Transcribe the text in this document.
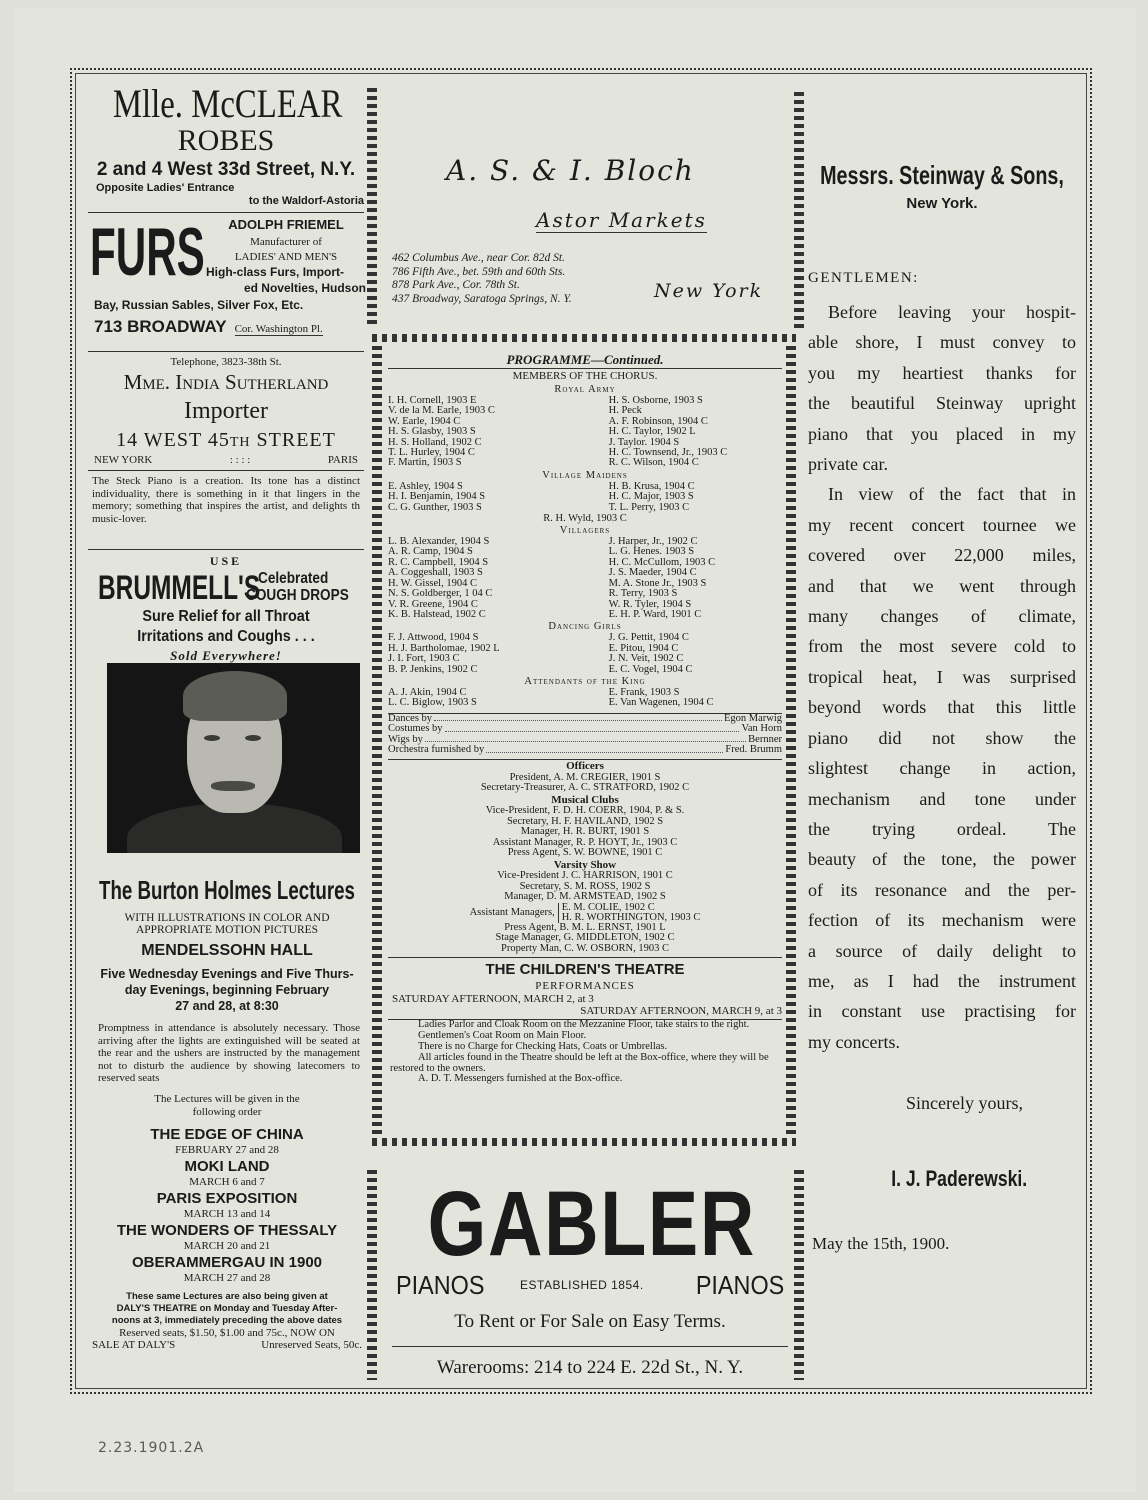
Mlle. McCLEAR
ROBES
2 and 4 West 33d Street, N.Y.
Opposite Ladies' Entrance
to the Waldorf-Astoria
FURS	ADOLPH FRIEMEL
Manufacturer of
LADIES' AND MEN'S
High-class Furs, Import-
ed Novelties, Hudson
Bay, Russian Sables, Silver Fox, Etc.
713 BROADWAY Cor. Washington Pl.
Telephone, 3823-38th St.
Mme. India Sutherland
Importer
14 WEST 45th STREET
NEW YORK	: : : :	PARIS
The Steck Piano is a creation. Its tone has a distinct individuality, there is something in it that lingers in the memory; something that inspires the artist, and delights th music-lover.
USE
BRUMMELL'S
Celebrated
COUGH DROPS
Sure Relief for all Throat
Irritations and Coughs . . .
Sold Everywhere!
The Burton Holmes Lectures
WITH ILLUSTRATIONS IN COLOR AND
APPROPRIATE MOTION PICTURES
MENDELSSOHN HALL
Five Wednesday Evenings and Five Thurs-
day Evenings, beginning February
27 and 28, at 8:30
Promptness in attendance is absolutely necessary. Those arriving after the lights are extinguished will be seated at the rear and the ushers are instructed by the management not to disturb the audience by showing latecomers to reserved seats
The Lectures will be given in the
following order
THE EDGE OF CHINA
FEBRUARY 27 and 28
MOKI LAND
MARCH 6 and 7
PARIS EXPOSITION
MARCH 13 and 14
THE WONDERS OF THESSALY
MARCH 20 and 21
OBERAMMERGAU IN 1900
MARCH 27 and 28
These same Lectures are also being given at
DALY'S THEATRE on Monday and Tuesday After-
noons at 3, immediately preceding the above dates
Reserved seats, $1.50, $1.00 and 75c., NOW ON
SALE AT DALY'S	Unreserved Seats, 50c.
A. S. & I. Bloch
Astor Markets
462 Columbus Ave., near Cor. 82d St.
786 Fifth Ave., bet. 59th and 60th Sts.
878 Park Ave., Cor. 78th St.
437 Broadway, Saratoga Springs, N. Y.	New York
PROGRAMME—Continued.
MEMBERS OF THE CHORUS.
Royal Army
I. H. Cornell, 1903 E	H. S. Osborne, 1903 S
V. de la M. Earle, 1903 C	H. Peck
W. Earle, 1904 C	A. F. Robinson, 1904 C
H. S. Glasby, 1903 S	H. C. Taylor, 1902 L
H. S. Holland, 1902 C	J. Taylor. 1904 S
T. L. Hurley, 1904 C	H. C. Townsend, Jr., 1903 C
F. Martin, 1903 S	R. C. Wilson, 1904 C
Village Maidens
E. Ashley, 1904 S	H. B. Krusa, 1904 C
H. I. Benjamin, 1904 S	H. C. Major, 1903 S
C. G. Gunther, 1903 S	T. L. Perry, 1903 C
R. H. Wyld, 1903 C
Villagers
L. B. Alexander, 1904 S	J. Harper, Jr., 1902 C
A. R. Camp, 1904 S	L. G. Henes. 1903 S
R. C. Campbell, 1904 S	H. C. McCullom, 1903 C
A. Coggeshall, 1903 S	J. S. Maeder, 1904 C
H. W. Gissel, 1904 C	M. A. Stone Jr., 1903 S
N. S. Goldberger, 1 04 C	R. Terry, 1903 S
V. R. Greene, 1904 C	W. R. Tyler, 1904 S
K. B. Halstead, 1902 C	E. H. P. Ward, 1901 C
Dancing Girls
F. J. Attwood, 1904 S	J. G. Pettit, 1904 C
H. J. Bartholomae, 1902 L	E. Pitou, 1904 C
J. I. Fort, 1903 C	J. N. Veit, 1902 C
B. P. Jenkins, 1902 C	E. C. Vogel, 1904 C
Attendants of the King
A. J. Akin, 1904 C	E. Frank, 1903 S
L. C. Biglow, 1903 S	E. Van Wagenen, 1904 C
Dances by	Egon Marwig
Costumes by	Van Horn
Wigs by	Bernner
Orchestra furnished by	Fred. Brumm
Officers
President, A. M. CREGIER, 1901 S
Secretary-Treasurer, A. C. STRATFORD, 1902 C
Musical Clubs
Vice-President, F. D. H. COERR, 1904, P. & S.
Secretary, H. F. HAVILAND, 1902 S
Manager, H. R. BURT, 1901 S
Assistant Manager, R. P. HOYT, Jr., 1903 C
Press Agent, S. W. BOWNE, 1901 C
Varsity Show
Vice-President J. C. HARRISON, 1901 C
Secretary, S. M. ROSS, 1902 S
Manager, D. M. ARMSTEAD, 1902 S
Assistant Managers, E. M. COLIE, 1902 C
H. R. WORTHINGTON, 1903 C
Press Agent, B. M. L. ERNST, 1901 L
Stage Manager, G. MIDDLETON, 1902 C
Property Man, C. W. OSBORN, 1903 C
THE CHILDREN'S THEATRE
PERFORMANCES
SATURDAY AFTERNOON, MARCH 2, at 3
SATURDAY AFTERNOON, MARCH 9, at 3
Ladies Parlor and Cloak Room on the Mezzanine Floor, take stairs to the right.
Gentlemen's Coat Room on Main Floor.
There is no Charge for Checking Hats, Coats or Umbrellas.
All articles found in the Theatre should be left at the Box-office, where they will be restored to the owners.
A. D. T. Messengers furnished at the Box-office.
GABLER
PIANOS	ESTABLISHED 1854. PIANOS
To Rent or For Sale on Easy Terms.
Warerooms: 214 to 224 E. 22d St., N. Y.
Messrs. Steinway & Sons,
New York.
GENTLEMEN:
Before leaving your hospit-
able shore, I must convey to
you my heartiest thanks for
the beautiful Steinway upright
piano that you placed in my
private car.
In view of the fact that in
my recent concert tournee we
covered over 22,000 miles,
and that we went through
many changes of climate,
from the most severe cold to
tropical heat, I was surprised
beyond words that this little
piano did not show the
slightest change in action,
mechanism and tone under
the trying ordeal. The
beauty of the tone, the power
of its resonance and the per-
fection of its mechanism were
a source of daily delight to
me, as I had the instrument
in constant use practising for
my concerts.
Sincerely yours,
I. J. Paderewski.
May the 15th, 1900.
2.23.1901.2A
